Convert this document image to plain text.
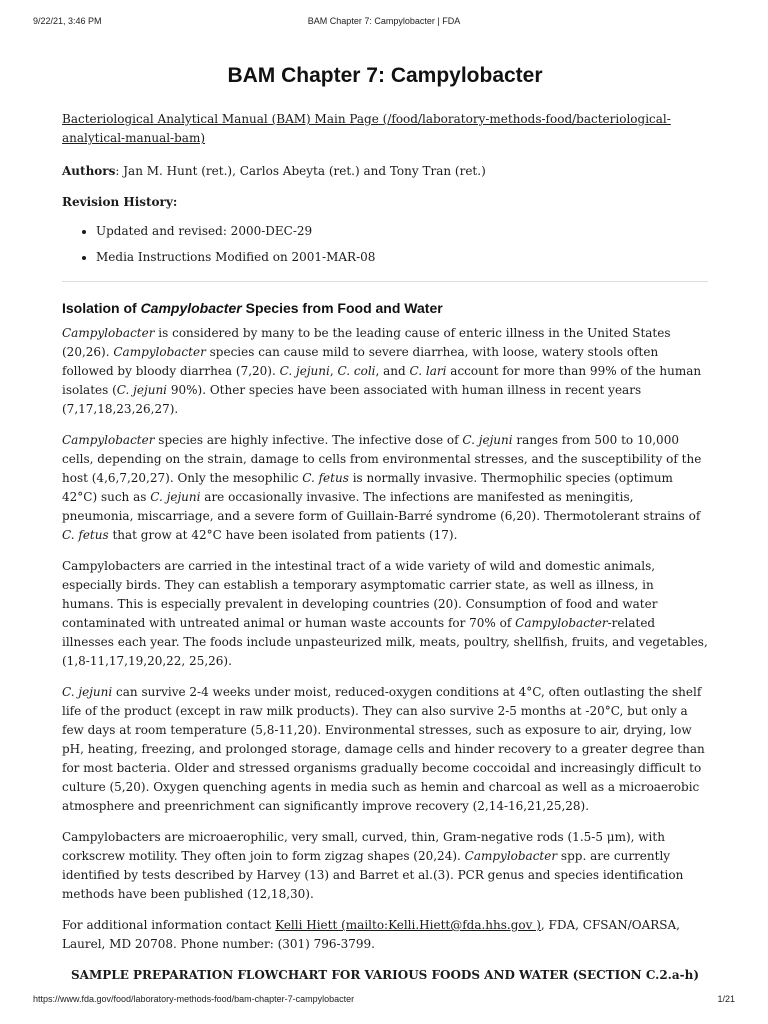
9/22/21, 3:46 PM	BAM Chapter 7: Campylobacter | FDA
BAM Chapter 7: Campylobacter

Bacteriological Analytical Manual (BAM) Main Page (/food/laboratory-methods-food/bacteriological-analytical-manual-bam)

Authors: Jan M. Hunt (ret.), Carlos Abeyta (ret.) and Tony Tran (ret.)

Revision History:

• Updated and revised: 2000-DEC-29
• Media Instructions Modified on 2001-MAR-08
Isolation of Campylobacter Species from Food and Water

Campylobacter is considered by many to be the leading cause of enteric illness in the United States (20,26). Campylobacter species can cause mild to severe diarrhea, with loose, watery stools often followed by bloody diarrhea (7,20). C. jejuni, C. coli, and C. lari account for more than 99% of the human isolates (C. jejuni 90%). Other species have been associated with human illness in recent years (7,17,18,23,26,27).

Campylobacter species are highly infective. The infective dose of C. jejuni ranges from 500 to 10,000 cells, depending on the strain, damage to cells from environmental stresses, and the susceptibility of the host (4,6,7,20,27). Only the mesophilic C. fetus is normally invasive. Thermophilic species (optimum 42°C) such as C. jejuni are occasionally invasive. The infections are manifested as meningitis, pneumonia, miscarriage, and a severe form of Guillain-Barré syndrome (6,20). Thermotolerant strains of C. fetus that grow at 42°C have been isolated from patients (17).

Campylobacters are carried in the intestinal tract of a wide variety of wild and domestic animals, especially birds. They can establish a temporary asymptomatic carrier state, as well as illness, in humans. This is especially prevalent in developing countries (20). Consumption of food and water contaminated with untreated animal or human waste accounts for 70% of Campylobacter-related illnesses each year. The foods include unpasteurized milk, meats, poultry, shellfish, fruits, and vegetables, (1,8-11,17,19,20,22, 25,26).

C. jejuni can survive 2-4 weeks under moist, reduced-oxygen conditions at 4°C, often outlasting the shelf life of the product (except in raw milk products). They can also survive 2-5 months at -20°C, but only a few days at room temperature (5,8-11,20). Environmental stresses, such as exposure to air, drying, low pH, heating, freezing, and prolonged storage, damage cells and hinder recovery to a greater degree than for most bacteria. Older and stressed organisms gradually become coccoidal and increasingly difficult to culture (5,20). Oxygen quenching agents in media such as hemin and charcoal as well as a microaerobic atmosphere and preenrichment can significantly improve recovery (2,14-16,21,25,28).

Campylobacters are microaerophilic, very small, curved, thin, Gram-negative rods (1.5-5 μm), with corkscrew motility. They often join to form zigzag shapes (20,24). Campylobacter spp. are currently identified by tests described by Harvey (13) and Barret et al.(3). PCR genus and species identification methods have been published (12,18,30).

For additional information contact Kelli Hiett (mailto:Kelli.Hiett@fda.hhs.gov ), FDA, CFSAN/OARSA, Laurel, MD 20708. Phone number: (301) 796-3799.

SAMPLE PREPARATION FLOWCHART FOR VARIOUS FOODS AND WATER (SECTION C.2.a-h)

https://www.fda.gov/food/laboratory-methods-food/bam-chapter-7-campylobacter	1/21
